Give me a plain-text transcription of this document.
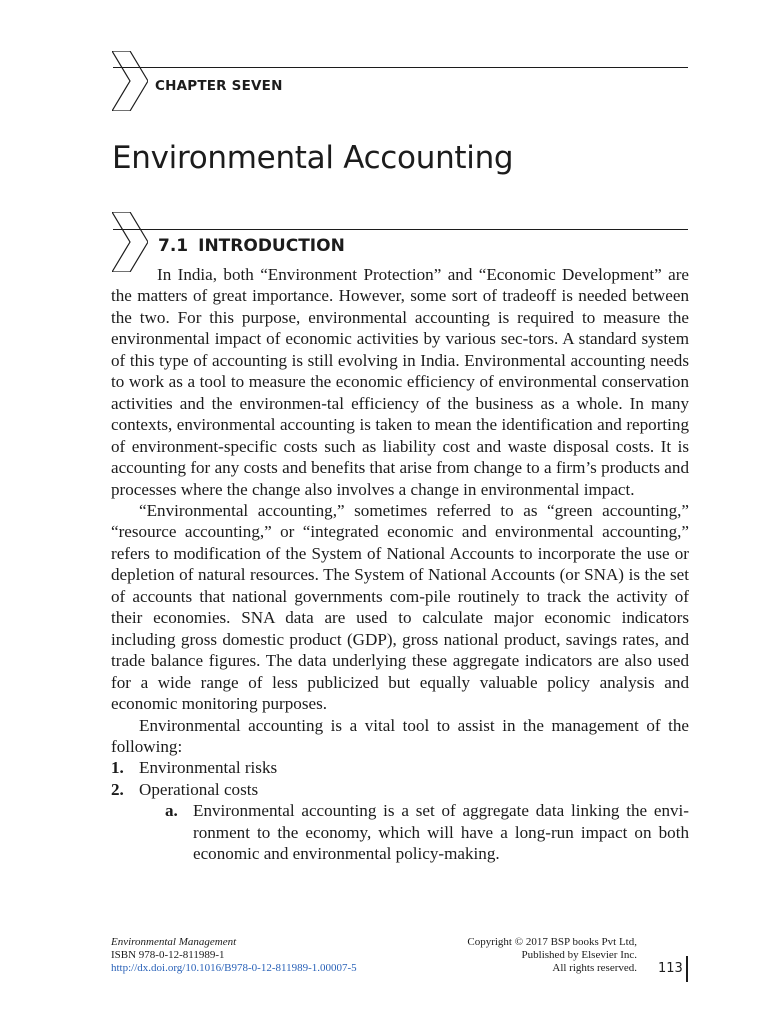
CHAPTER SEVEN
Environmental Accounting
7.1 INTRODUCTION

In India, both “Environment Protection” and “Economic Development” are the matters of great importance. However, some sort of tradeoff is needed between the two. For this purpose, environmental accounting is required to measure the environmental impact of economic activities by various sec-tors. A standard system of this type of accounting is still evolving in India. Environmental accounting needs to work as a tool to measure the economic efficiency of environmental conservation activities and the environmen-tal efficiency of the business as a whole. In many contexts, environmental accounting is taken to mean the identification and reporting of environment-specific costs such as liability cost and waste disposal costs. It is accounting for any costs and benefits that arise from change to a firm’s products and processes where the change also involves a change in environmental impact.

“Environmental accounting,” sometimes referred to as “green accounting,” “resource accounting,” or “integrated economic and environmental accounting,” refers to modification of the System of National Accounts to incorporate the use or depletion of natural resources. The System of National Accounts (or SNA) is the set of accounts that national governments com-pile routinely to track the activity of their economies. SNA data are used to calculate major economic indicators including gross domestic product (GDP), gross national product, savings rates, and trade balance figures. The data underlying these aggregate indicators are also used for a wide range of less publicized but equally valuable policy analysis and economic monitoring purposes.

Environmental accounting is a vital tool to assist in the management of the following:

1. Environmental risks
2. Operational costs
a. Environmental accounting is a set of aggregate data linking the envi-ronment to the economy, which will have a long-run impact on both economic and environmental policy-making.
Environmental Management
ISBN 978-0-12-811989-1
http://dx.doi.org/10.1016/B978-0-12-811989-1.00007-5
Copyright © 2017 BSP books Pvt Ltd,
Published by Elsevier Inc.
All rights reserved. 113
